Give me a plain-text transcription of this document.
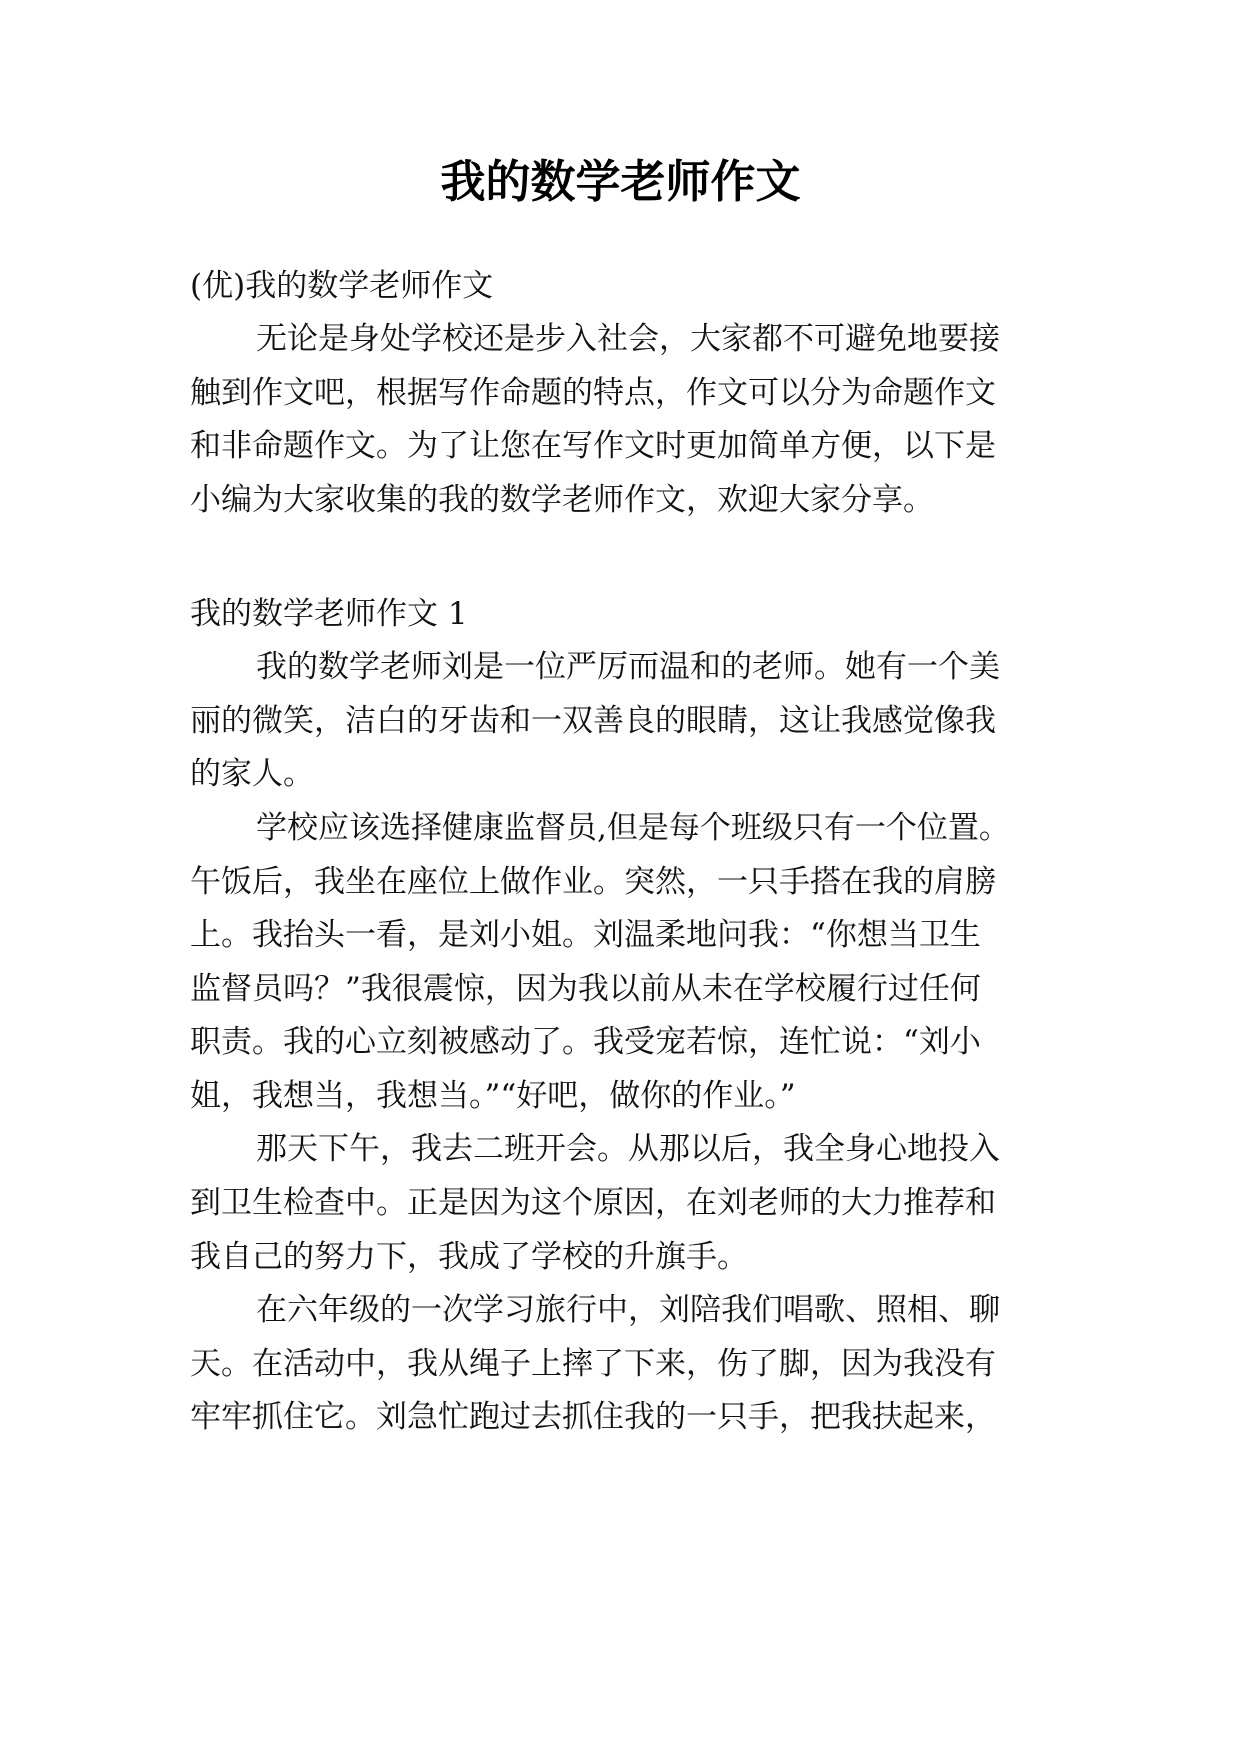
我的数学老师作文
(优)我的数学老师作文
无论是身处学校还是步入社会，大家都不可避免地要接
触到作文吧，根据写作命题的特点，作文可以分为命题作文
和非命题作文。为了让您在写作文时更加简单方便，以下是
小编为大家收集的我的数学老师作文，欢迎大家分享。
我的数学老师作文 1
我的数学老师刘是一位严厉而温和的老师。她有一个美
丽的微笑，洁白的牙齿和一双善良的眼睛，这让我感觉像我
的家人。
学校应该选择健康监督员,但是每个班级只有一个位置。
午饭后，我坐在座位上做作业。突然，一只手搭在我的肩膀
上。我抬头一看，是刘小姐。刘温柔地问我：“你想当卫生
监督员吗？”我很震惊，因为我以前从未在学校履行过任何
职责。我的心立刻被感动了。我受宠若惊，连忙说：“刘小
姐，我想当，我想当。”“好吧，做你的作业。”
那天下午，我去二班开会。从那以后，我全身心地投入
到卫生检查中。正是因为这个原因，在刘老师的大力推荐和
我自己的努力下，我成了学校的升旗手。
在六年级的一次学习旅行中，刘陪我们唱歌、照相、聊
天。在活动中，我从绳子上摔了下来，伤了脚，因为我没有
牢牢抓住它。刘急忙跑过去抓住我的一只手，把我扶起来，
